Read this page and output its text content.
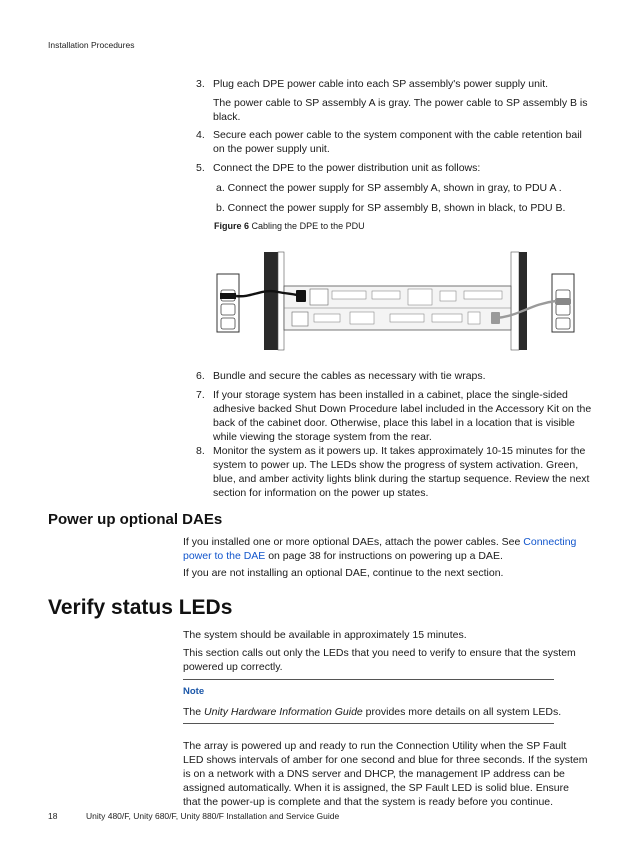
Installation Procedures
3. Plug each DPE power cable into each SP assembly's power supply unit.
The power cable to SP assembly A is gray. The power cable to SP assembly B is black.
4. Secure each power cable to the system component with the cable retention bail on the power supply unit.
5. Connect the DPE to the power distribution unit as follows:
a. Connect the power supply for SP assembly A, shown in gray, to PDU A .
b. Connect the power supply for SP assembly B, shown in black, to PDU B.
Figure 6 Cabling the DPE to the PDU
6. Bundle and secure the cables as necessary with tie wraps.
7. If your storage system has been installed in a cabinet, place the single-sided adhesive backed Shut Down Procedure label included in the Accessory Kit on the back of the cabinet door. Otherwise, place this label in a location that is visible while viewing the storage system from the rear.
8. Monitor the system as it powers up. It takes approximately 10-15 minutes for the system to power up. The LEDs show the progress of system activation. Green, blue, and amber activity lights blink during the startup sequence. Review the next section for information on the power up states.
Power up optional DAEs
If you installed one or more optional DAEs, attach the power cables. See Connecting power to the DAE on page 38 for instructions on powering up a DAE.
If you are not installing an optional DAE, continue to the next section.
Verify status LEDs
The system should be available in approximately 15 minutes.
This section calls out only the LEDs that you need to verify to ensure that the system powered up correctly.
Note
The Unity Hardware Information Guide provides more details on all system LEDs.
The array is powered up and ready to run the Connection Utility when the SP Fault LED shows intervals of amber for one second and blue for three seconds. If the system is on a network with a DNS server and DHCP, the management IP address can be assigned automatically. When it is assigned, the SP Fault LED is solid blue. Ensure that the power-up is complete and that the system is ready before you continue.
18	Unity 480/F, Unity 680/F, Unity 880/F Installation and Service Guide
